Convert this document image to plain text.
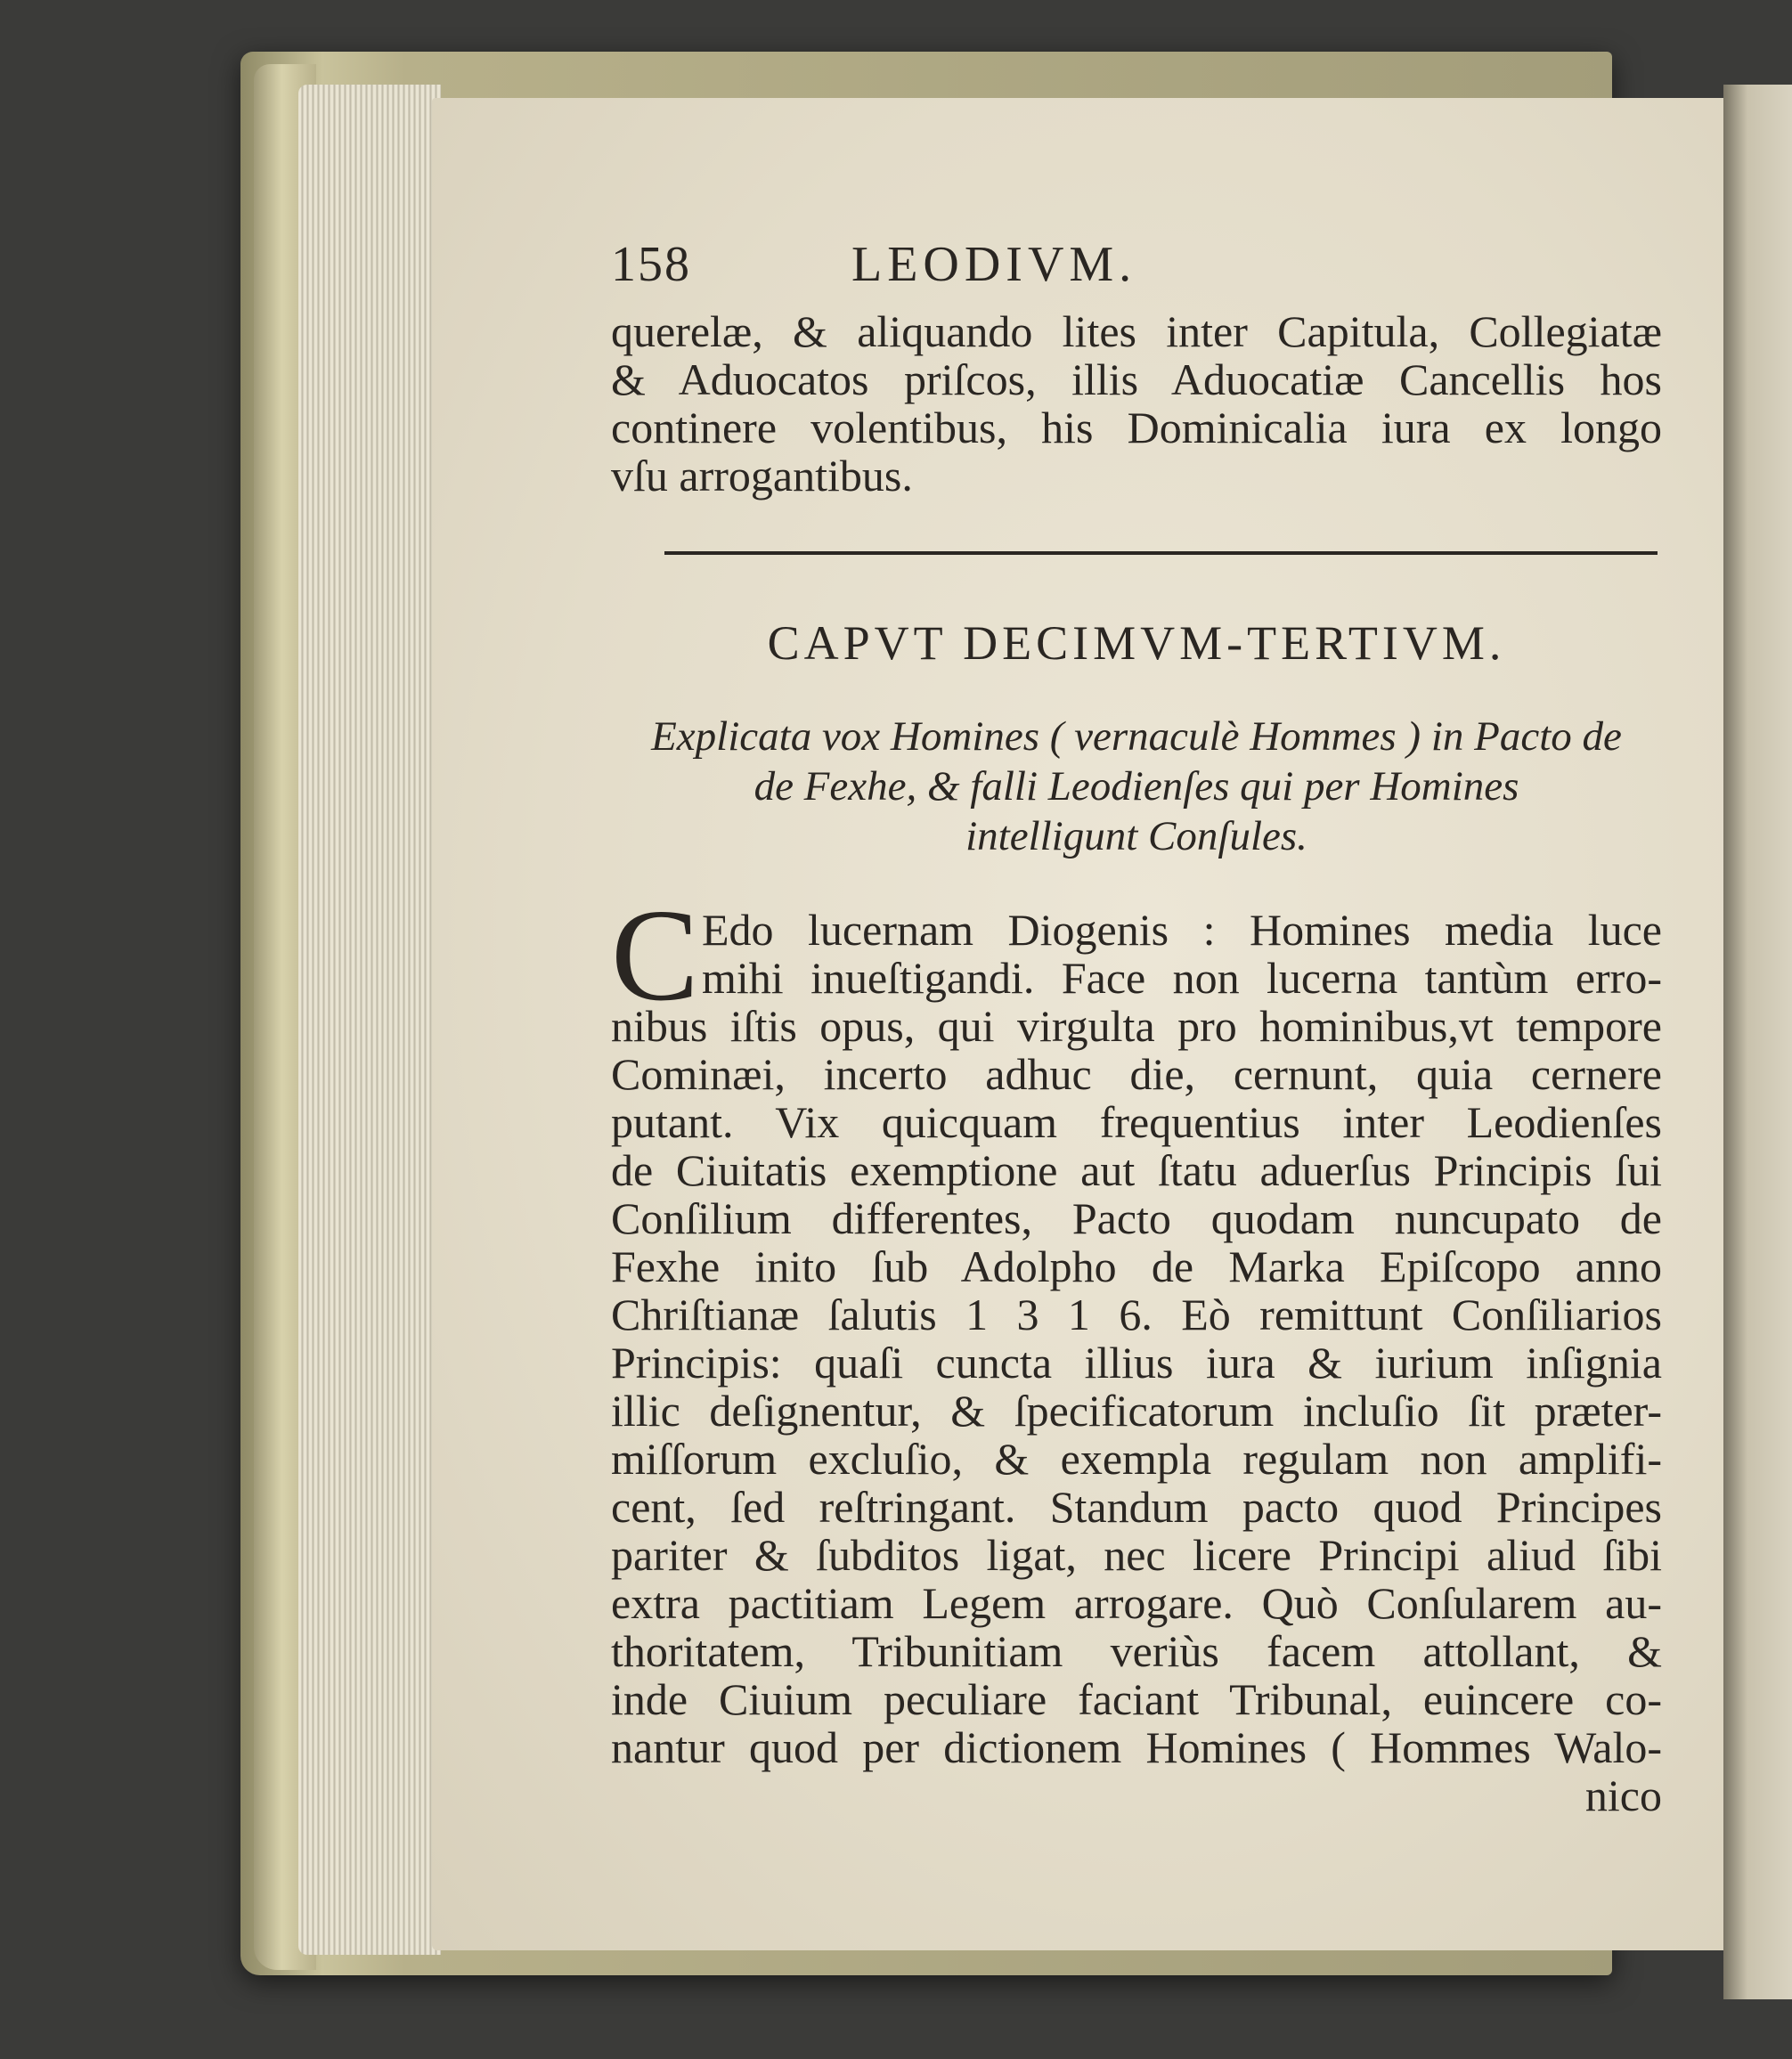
158	LEODIVM.
querelæ, & aliquando lites inter Capitula, Collegiatæ
& Aduocatos priſcos, illis Aduocatiæ Cancellis hos
continere volentibus, his Dominicalia iura ex longo
vſu arrogantibus.
CAPVT DECIMVM-TERTIVM.
Explicata vox Homines ( vernaculè Hommes ) in Pacto de
de Fexhe, & falli Leodienſes qui per Homines
intelligunt Conſules.
C Edo lucernam Diogenis : Homines media luce
mihi inueſtigandi. Face non lucerna tantùm erro-
nibus iſtis opus, qui virgulta pro hominibus,vt tempore
Cominæi, incerto adhuc die, cernunt, quia cernere
putant. Vix quicquam frequentius inter Leodienſes
de Ciuitatis exemptione aut ſtatu aduerſus Principis ſui
Conſilium differentes, Pacto quodam nuncupato de
Fexhe inito ſub Adolpho de Marka Epiſcopo anno
Chriſtianæ ſalutis 1 3 1 6. Eò remittunt Conſiliarios
Principis: quaſi cuncta illius iura & iurium inſignia
illic deſignentur, & ſpecificatorum incluſio ſit præter-
miſſorum excluſio, & exempla regulam non amplifi-
cent, ſed reſtringant. Standum pacto quod Principes
pariter & ſubditos ligat, nec licere Principi aliud ſibi
extra pactitiam Legem arrogare. Quò Conſularem au-
thoritatem, Tribunitiam veriùs facem attollant, &
inde Ciuium peculiare faciant Tribunal, euincere co-
nantur quod per dictionem Homines ( Hommes Walo-
nico
